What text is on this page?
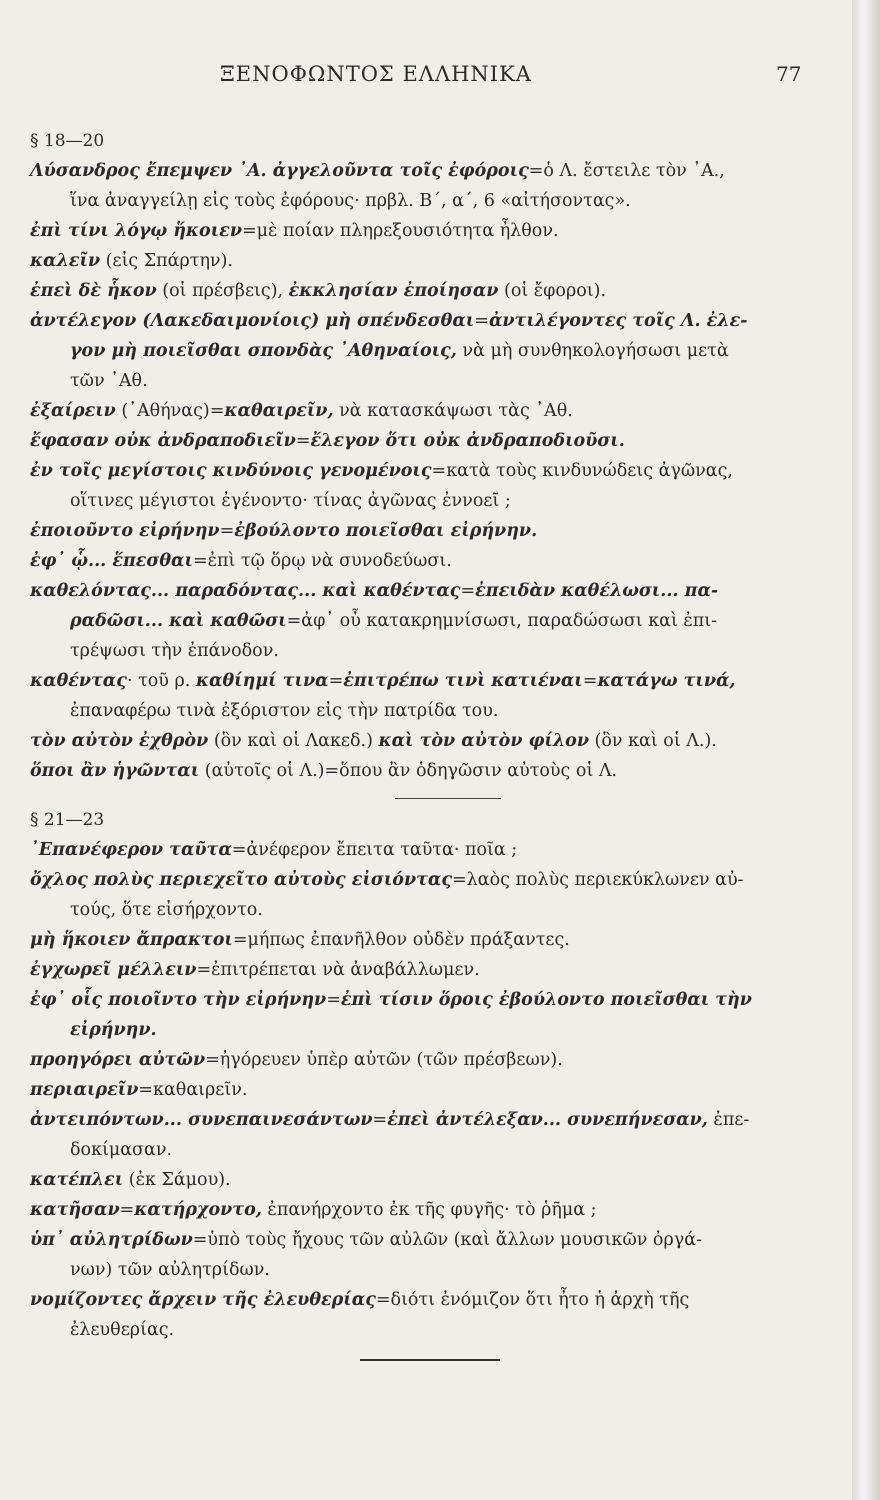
ΞΕΝΟΦΩΝΤΟΣ ΕΛΛΗΝΙΚΑ	77
§ 18—20
Λύσανδρος ἔπεμψεν ᾿Α. ἀγγελοῦντα τοῖς ἐφόροις=ὁ Λ. ἔστειλε τὸν ᾿Α.,
ἵνα ἀναγγείλῃ εἰς τοὺς ἐφόρους· πρβλ. Β΄, α΄, 6 «αἰτήσοντας».
ἐπὶ τίνι λόγῳ ἥκοιεν=μὲ ποίαν πληρεξουσιότητα ἦλθον.
καλεῖν (εἰς Σπάρτην).
ἐπεὶ δὲ ἧκον (οἱ πρέσβεις), ἐκκλησίαν ἐποίησαν (οἱ ἔφοροι).
ἀντέλεγον (Λακεδαιμονίοις) μὴ σπένδεσθαι=ἀντιλέγοντες τοῖς Λ. ἐλε-
γον μὴ ποιεῖσθαι σπονδὰς ᾿Αθηναίοις, νὰ μὴ συνθηκολογήσωσι μετὰ
τῶν ᾿Αθ.
ἐξαίρειν (᾿Αθήνας)=καθαιρεῖν, νὰ κατασκάψωσι τὰς ᾿Αθ.
ἔφασαν οὐκ ἀνδραποδιεῖν=ἔλεγον ὅτι οὐκ ἀνδραποδιοῦσι.
ἐν τοῖς μεγίστοις κινδύνοις γενομένοις=κατὰ τοὺς κινδυνώδεις ἀγῶνας,
οἵτινες μέγιστοι ἐγένοντο· τίνας ἀγῶνας ἐννοεῖ ;
ἐποιοῦντο εἰρήνην=ἐβούλοντο ποιεῖσθαι εἰρήνην.
ἐφ᾿ ᾧ... ἕπεσθαι=ἐπὶ τῷ ὅρῳ νὰ συνοδεύωσι.
καθελόντας... παραδόντας... καὶ καθέντας=ἐπειδὰν καθέλωσι... πα-
ραδῶσι... καὶ καθῶσι=ἀφ᾿ οὗ κατακρημνίσωσι, παραδώσωσι καὶ ἐπι-
τρέψωσι τὴν ἐπάνοδον.
καθέντας· τοῦ ρ. καθίημί τινα=ἐπιτρέπω τινὶ κατιέναι=κατάγω τινά,
ἐπαναφέρω τινὰ ἐξόριστον εἰς τὴν πατρίδα του.
τὸν αὐτὸν ἐχθρὸν (ὃν καὶ οἱ Λακεδ.) καὶ τὸν αὐτὸν φίλον (ὃν καὶ οἱ Λ.).
ὅποι ἂν ἡγῶνται (αὐτοῖς οἱ Λ.)=ὅπου ἂν ὁδηγῶσιν αὐτοὺς οἱ Λ.
§ 21—23
᾿Επανέφερον ταῦτα=ἀνέφερον ἔπειτα ταῦτα· ποῖα ;
ὄχλος πολὺς περιεχεῖτο αὐτοὺς εἰσιόντας=λαὸς πολὺς περιεκύκλωνεν αὐ-
τούς, ὅτε εἰσήρχοντο.
μὴ ἥκοιεν ἄπρακτοι=μήπως ἐπανῆλθον οὐδὲν πράξαντες.
ἐγχωρεῖ μέλλειν=ἐπιτρέπεται νὰ ἀναβάλλωμεν.
ἐφ᾿ οἷς ποιοῖντο τὴν εἰρήνην=ἐπὶ τίσιν ὅροις ἐβούλοντο ποιεῖσθαι τὴν
εἰρήνην.
προηγόρει αὐτῶν=ἠγόρευεν ὑπὲρ αὐτῶν (τῶν πρέσβεων).
περιαιρεῖν=καθαιρεῖν.
ἀντειπόντων... συνεπαινεσάντων=ἐπεὶ ἀντέλεξαν... συνεπήνεσαν, ἐπε-
δοκίμασαν.
κατέπλει (ἐκ Σάμου).
κατῆσαν=κατήρχοντο, ἐπανήρχοντο ἐκ τῆς φυγῆς· τὸ ῥῆμα ;
ὑπ᾿ αὐλητρίδων=ὑπὸ τοὺς ἤχους τῶν αὐλῶν (καὶ ἄλλων μουσικῶν ὀργά-
νων) τῶν αὐλητρίδων.
νομίζοντες ἄρχειν τῆς ἐλευθερίας=διότι ἐνόμιζον ὅτι ἦτο ἡ ἀρχὴ τῆς
ἐλευθερίας.
